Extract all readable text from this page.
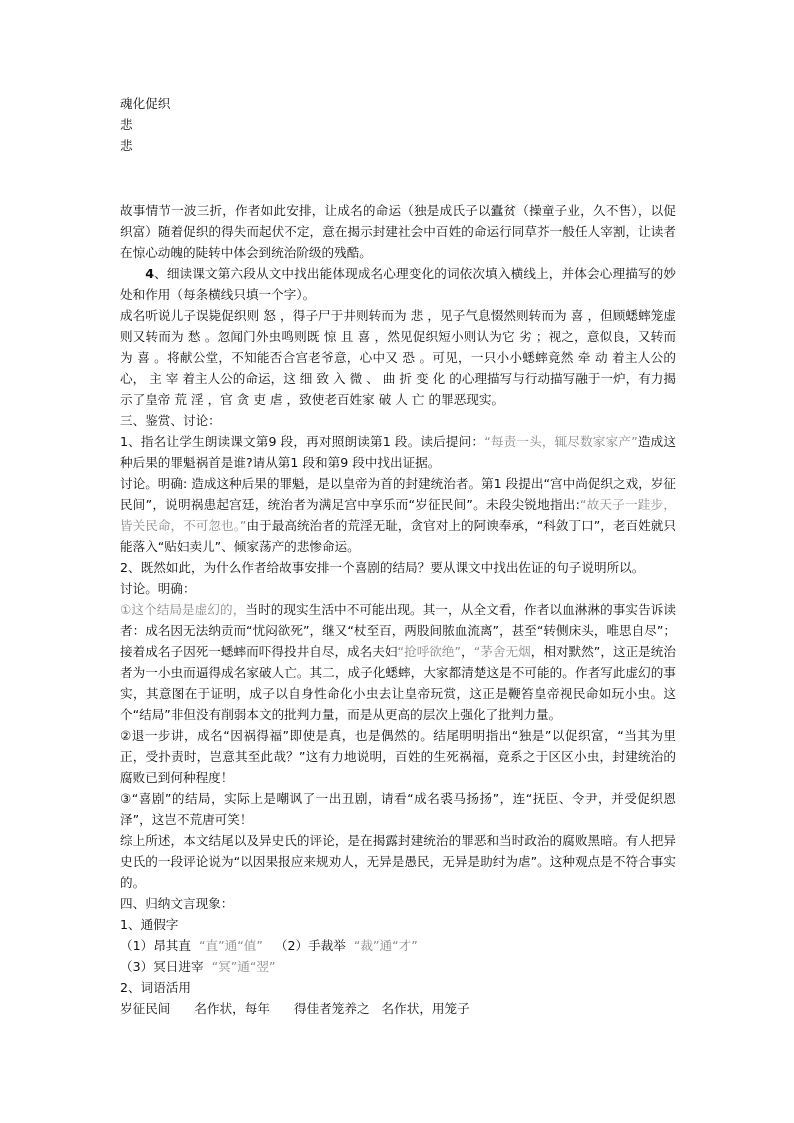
魂化促织

悲

悲

故事情节一波三折，作者如此安排，让成名的命运（独是成氏子以蠹贫（操童子业，久不售），以促织富）随着促织的得失而起伏不定，意在揭示封建社会中百姓的命运行同草芥一般任人宰割，让读者在惊心动魄的陡转中体会到统治阶级的残酷。

4、细读课文第六段从文中找出能体现成名心理变化的词依次填入横线上，并体会心理描写的妙处和作用（每条横线只填一个字）。

成名听说儿子误毙促织则 怒 ，得子尸于井则转而为 悲 ，见子气息惙然则转而为 喜 ，但顾蟋蟀笼虚则又转而为 愁 。忽闻门外虫鸣则既 惊 且 喜 ，然见促织短小则认为它 劣 ；视之，意似良，又转而为 喜 。将献公堂，不知能否合宫老爷意，心中又 恐 。可见，一只小小蟋蟀竟然 牵 动 着主人公的心， 主 宰 着主人公的命运，这 细 致 入 微 、 曲 折 变 化 的心理描写与行动描写融于一炉，有力揭示了皇帝 荒 淫 ，官 贪 吏 虐 ，致使老百姓家 破 人 亡 的罪恶现实。

三、鉴赏、讨论：

1、指名让学生朗读课文第9 段，再对照朗读第1 段。读后提问：“每责一头，辄尽数家家产”造成这种后果的罪魁祸首是谁?请从第1 段和第9 段中找出证据。

讨论。明确: 造成这种后果的罪魁，是以皇帝为首的封建统治者。第1 段提出“宫中尚促织之戏，岁征民间”，说明祸患起宫廷，统治者为满足宫中享乐而“岁征民间”。未段尖锐地指出:“故天子一跬步，皆关民命，不可忽也。”由于最高统治者的荒淫无耻，贪官对上的阿谀奉承，“科敛丁口”，老百姓就只能落入“贴妇卖儿”、倾家荡产的悲惨命运。

2、既然如此，为什么作者给故事安排一个喜剧的结局？要从课文中找出佐证的句子说明所以。

讨论。明确：

①这个结局是虚幻的，当时的现实生活中不可能出现。其一，从全文看，作者以血淋淋的事实告诉读者：成名因无法纳贡而“忧闷欲死”，继又“杖至百，两股间脓血流离”，甚至“转侧床头，唯思自尽”；接着成名子因死一蟋蟀而吓得投井自尽，成名夫妇“抢呼欲绝”，“茅舍无烟，相对默然”，这正是统治者为一小虫而逼得成名家破人亡。其二，成子化蟋蟀，大家都清楚这是不可能的。作者写此虚幻的事实，其意图在于证明，成子以自身性命化小虫去让皇帝玩赏，这正是鞭笞皇帝视民命如玩小虫。这个“结局”非但没有削弱本文的批判力量，而是从更高的层次上强化了批判力量。

②退一步讲，成名“因祸得福”即使是真，也是偶然的。结尾明明指出“独是”以促织富，“当其为里正，受扑责时，岂意其至此哉？”这有力地说明，百姓的生死祸福，竟系之于区区小虫，封建统治的腐败已到何种程度！

③“喜剧”的结局，实际上是嘲讽了一出丑剧，请看“成名裘马扬扬”，连“抚臣、令尹，并受促织恩泽”，这岂不荒唐可笑！

综上所述，本文结尾以及异史氏的评论，是在揭露封建统治的罪恶和当时政治的腐败黑暗。有人把异史氏的一段评论说为“以因果报应来规劝人，无异是愚民，无异是助纣为虐”。这种观点是不符合事实的。

四、归纳文言现象：

1、通假字

（1）昂其直  “直”通“值”   （2）手裁举  “裁”通“才”

（3）冥日进宰  “冥”通“翌”

2、词语活用

岁征民间      名作状，每年      得佳者笼养之   名作状，用笼子
